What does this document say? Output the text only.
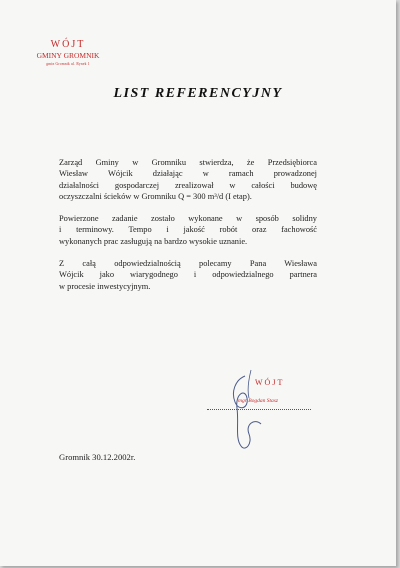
WÓJT
GMINY GROMNIK
gmin Gromnik ul. Rynek 1
LIST REFERENCYJNY

Zarząd Gminy w Gromniku stwierdza, że Przedsiębiorca
Wiesław Wójcik działając w ramach prowadzonej
działalności gospodarczej zrealizował w całości budowę
oczyszczalni ścieków w Gromniku Q = 300 m³/d (I etap).

Powierzone zadanie zostało wykonane w sposób solidny
i terminowy. Tempo i jakość robót oraz fachowość
wykonanych prac zasługują na bardzo wysokie uznanie.

Z całą odpowiedzialnością polecamy Pana Wiesława
Wójcik jako wiarygodnego i odpowiedzialnego partnera
w procesie inwestycyjnym.

WÓJT
mgr Bogdan Stasz
Gromnik 30.12.2002r.
